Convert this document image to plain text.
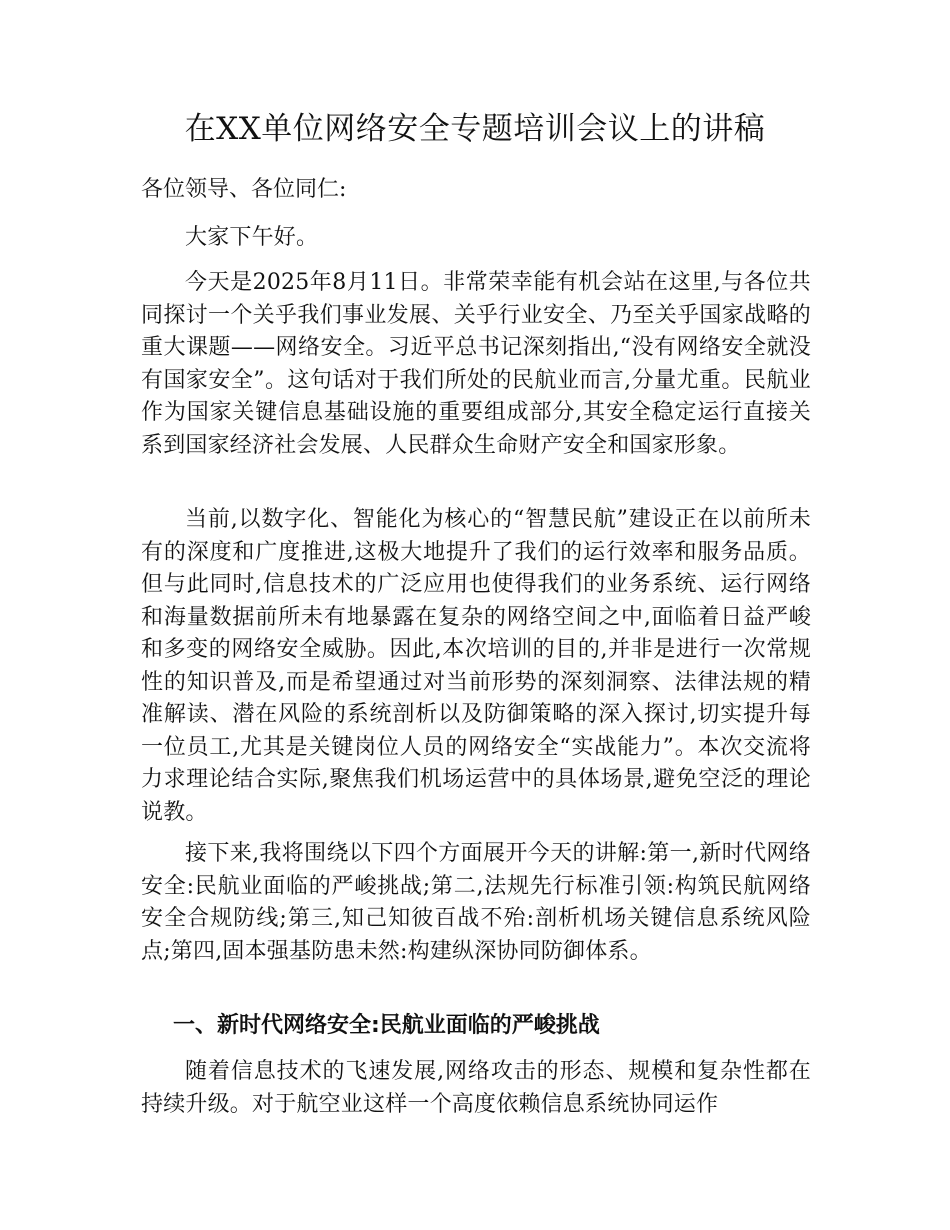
在XX单位网络安全专题培训会议上的讲稿
各位领导、各位同仁:
大家下午好。
今天是2025年8月11日。非常荣幸能有机会站在这里,与各位共同探讨一个关乎我们事业发展、关乎行业安全、乃至关乎国家战略的重大课题——网络安全。习近平总书记深刻指出,“没有网络安全就没有国家安全”。这句话对于我们所处的民航业而言,分量尤重。民航业作为国家关键信息基础设施的重要组成部分,其安全稳定运行直接关系到国家经济社会发展、人民群众生命财产安全和国家形象。
当前,以数字化、智能化为核心的“智慧民航”建设正在以前所未有的深度和广度推进,这极大地提升了我们的运行效率和服务品质。但与此同时,信息技术的广泛应用也使得我们的业务系统、运行网络和海量数据前所未有地暴露在复杂的网络空间之中,面临着日益严峻和多变的网络安全威胁。因此,本次培训的目的,并非是进行一次常规性的知识普及,而是希望通过对当前形势的深刻洞察、法律法规的精准解读、潜在风险的系统剖析以及防御策略的深入探讨,切实提升每一位员工,尤其是关键岗位人员的网络安全“实战能力”。本次交流将力求理论结合实际,聚焦我们机场运营中的具体场景,避免空泛的理论说教。
接下来,我将围绕以下四个方面展开今天的讲解:第一,新时代网络安全:民航业面临的严峻挑战;第二,法规先行标准引领:构筑民航网络安全合规防线;第三,知己知彼百战不殆:剖析机场关键信息系统风险点;第四,固本强基防患未然:构建纵深协同防御体系。
一、新时代网络安全:民航业面临的严峻挑战
随着信息技术的飞速发展,网络攻击的形态、规模和复杂性都在持续升级。对于航空业这样一个高度依赖信息系统协同运作
